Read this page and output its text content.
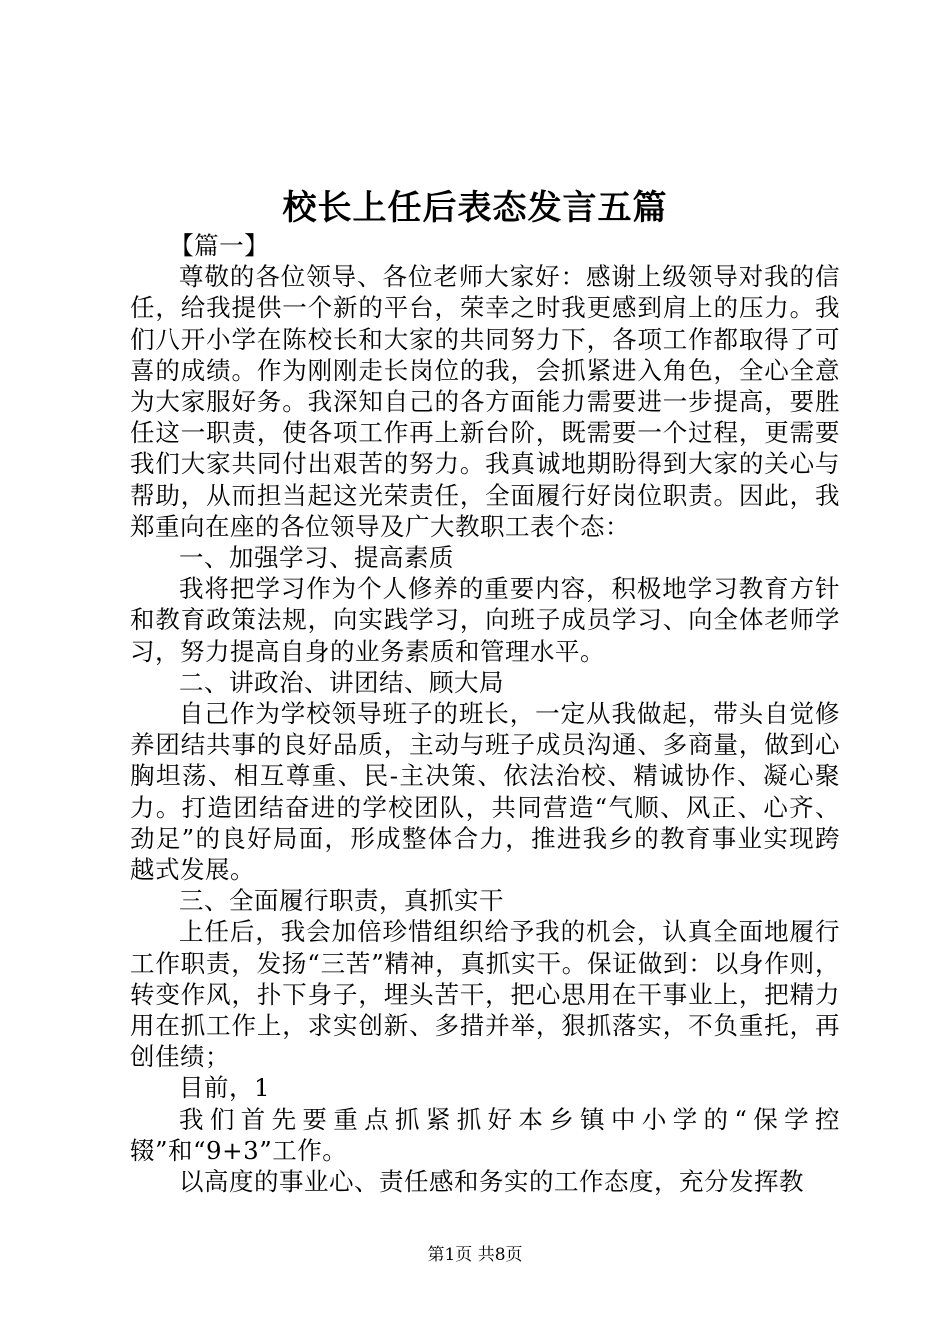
校长上任后表态发言五篇

【篇一】

尊敬的各位领导、各位老师大家好：感谢上级领导对我的信任，给我提供一个新的平台，荣幸之时我更感到肩上的压力。我们八开小学在陈校长和大家的共同努力下，各项工作都取得了可喜的成绩。作为刚刚走长岗位的我，会抓紧进入角色，全心全意为大家服好务。我深知自己的各方面能力需要进一步提高，要胜任这一职责，使各项工作再上新台阶，既需要一个过程，更需要我们大家共同付出艰苦的努力。我真诚地期盼得到大家的关心与帮助，从而担当起这光荣责任，全面履行好岗位职责。因此，我郑重向在座的各位领导及广大教职工表个态：

一、加强学习、提高素质

我将把学习作为个人修养的重要内容，积极地学习教育方针和教育政策法规，向实践学习，向班子成员学习、向全体老师学习，努力提高自身的业务素质和管理水平。

二、讲政治、讲团结、顾大局

自己作为学校领导班子的班长，一定从我做起，带头自觉修养团结共事的良好品质，主动与班子成员沟通、多商量，做到心胸坦荡、相互尊重、民-主决策、依法治校、精诚协作、凝心聚力。打造团结奋进的学校团队，共同营造“气顺、风正、心齐、劲足”的良好局面，形成整体合力，推进我乡的教育事业实现跨越式发展。

三、全面履行职责，真抓实干

上任后，我会加倍珍惜组织给予我的机会，认真全面地履行工作职责，发扬“三苦”精神，真抓实干。保证做到：以身作则，转变作风，扑下身子，埋头苦干，把心思用在干事业上，把精力用在抓工作上，求实创新、多措并举，狠抓落实，不负重托，再创佳绩；

目前，1

我们首先要重点抓紧抓好本乡镇中小学的“保学控辍”和“9+3”工作。

以高度的事业心、责任感和务实的工作态度，充分发挥教

第1页 共8页
